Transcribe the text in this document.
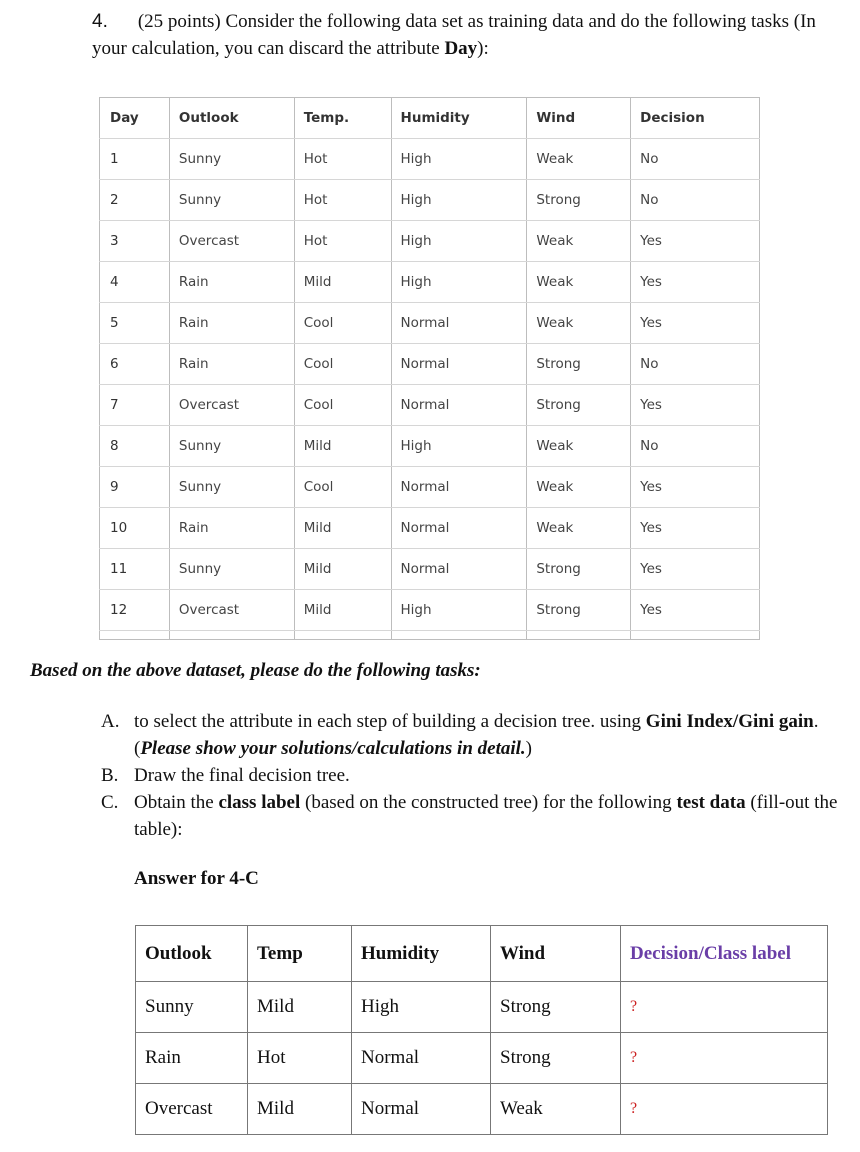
4. (25 points) Consider the following data set as training data and do the following tasks (In your calculation, you can discard the attribute Day):
Day	Outlook	Temp.	Humidity	Wind	Decision
1	Sunny	Hot	High	Weak	No
2	Sunny	Hot	High	Strong	No
3	Overcast	Hot	High	Weak	Yes
4	Rain	Mild	High	Weak	Yes
5	Rain	Cool	Normal	Weak	Yes
6	Rain	Cool	Normal	Strong	No
7	Overcast	Cool	Normal	Strong	Yes
8	Sunny	Mild	High	Weak	No
9	Sunny	Cool	Normal	Weak	Yes
10	Rain	Mild	Normal	Weak	Yes
11	Sunny	Mild	Normal	Strong	Yes
12	Overcast	Mild	High	Strong	Yes

Based on the above dataset, please do the following tasks:
A. to select the attribute in each step of building a decision tree. using Gini Index/Gini gain. (Please show your solutions/calculations in detail.)
B. Draw the final decision tree.
C. Obtain the class label (based on the constructed tree) for the following test data (fill-out the table):
Answer for 4-C
Outlook	Temp	Humidity	Wind	Decision/Class label
Sunny	Mild	High	Strong	?
Rain	Hot	Normal	Strong	?
Overcast	Mild	Normal	Weak	?
